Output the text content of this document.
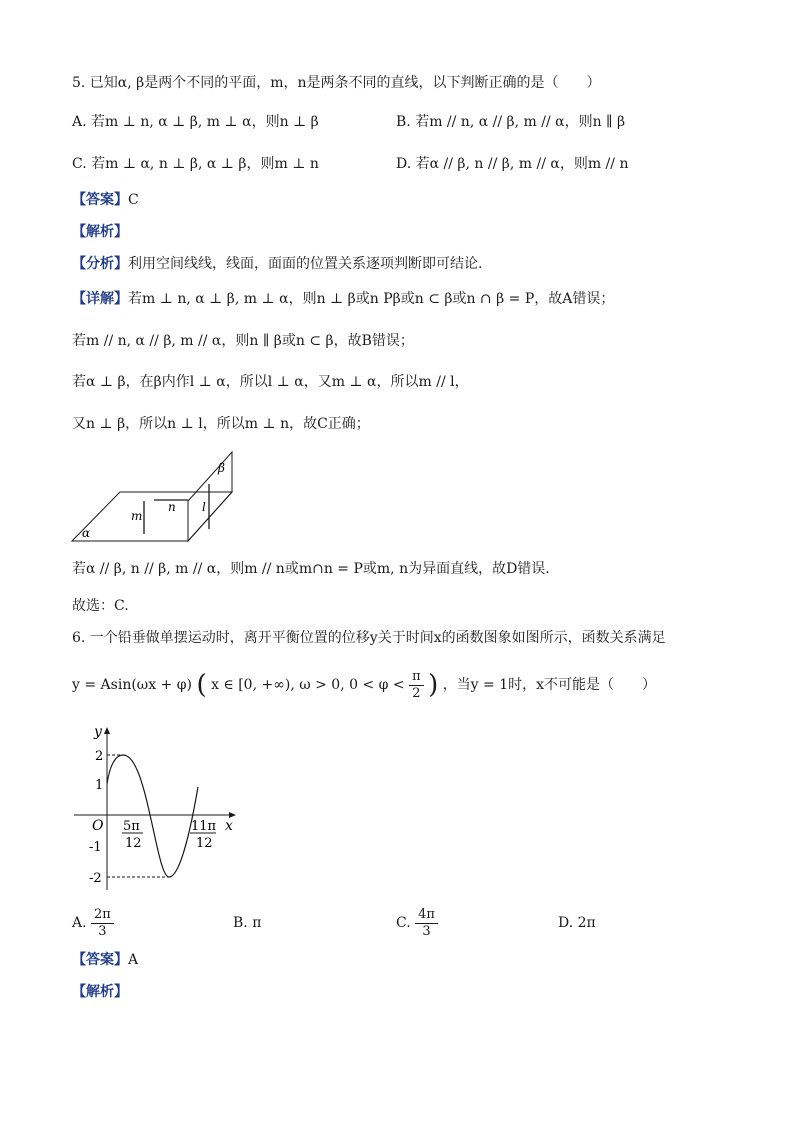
5. 已知α, β是两个不同的平面，m，n是两条不同的直线，以下判断正确的是（　　）
A. 若m ⊥ n, α ⊥ β, m ⊥ α，则n ⊥ β	B. 若m // n, α // β, m // α，则n ∥ β
C. 若m ⊥ α, n ⊥ β, α ⊥ β，则m ⊥ n	D. 若α // β, n // β, m // α，则m // n
【答案】C
【解析】
【分析】利用空间线线，线面，面面的位置关系逐项判断即可结论.
【详解】若m ⊥ n, α ⊥ β, m ⊥ α，则n ⊥ β或n Pβ或n ⊂ β或n ∩ β = P，故A错误；
若m // n, α // β, m // α，则n ∥ β或n ⊂ β，故B错误；
若α ⊥ β，在β内作l ⊥ α，所以l ⊥ α，又m ⊥ α，所以m // l，
又n ⊥ β，所以n ⊥ l，所以m ⊥ n，故C正确；
α
β
m
n l
若α // β, n // β, m // α，则m // n或m∩n = P或m, n为异面直线，故D错误.
故选：C.
6. 一个铅垂做单摆运动时，离开平衡位置的位移y关于时间x的函数图象如图所示，函数关系满足
y = Asin(ωx + φ) ( x ∈ [0, +∞), ω > 0, $0 < \varphi < \frac{\pi}{2}$ ) ，当y = 1时，x不可能是（　　）
y
x
O
2
1
-1
-2
5π
12
11π
12
A. $\frac{2\pi}{3}$	B. π	C. $\frac{4\pi}{3}$	D. 2π
【答案】A
【解析】
